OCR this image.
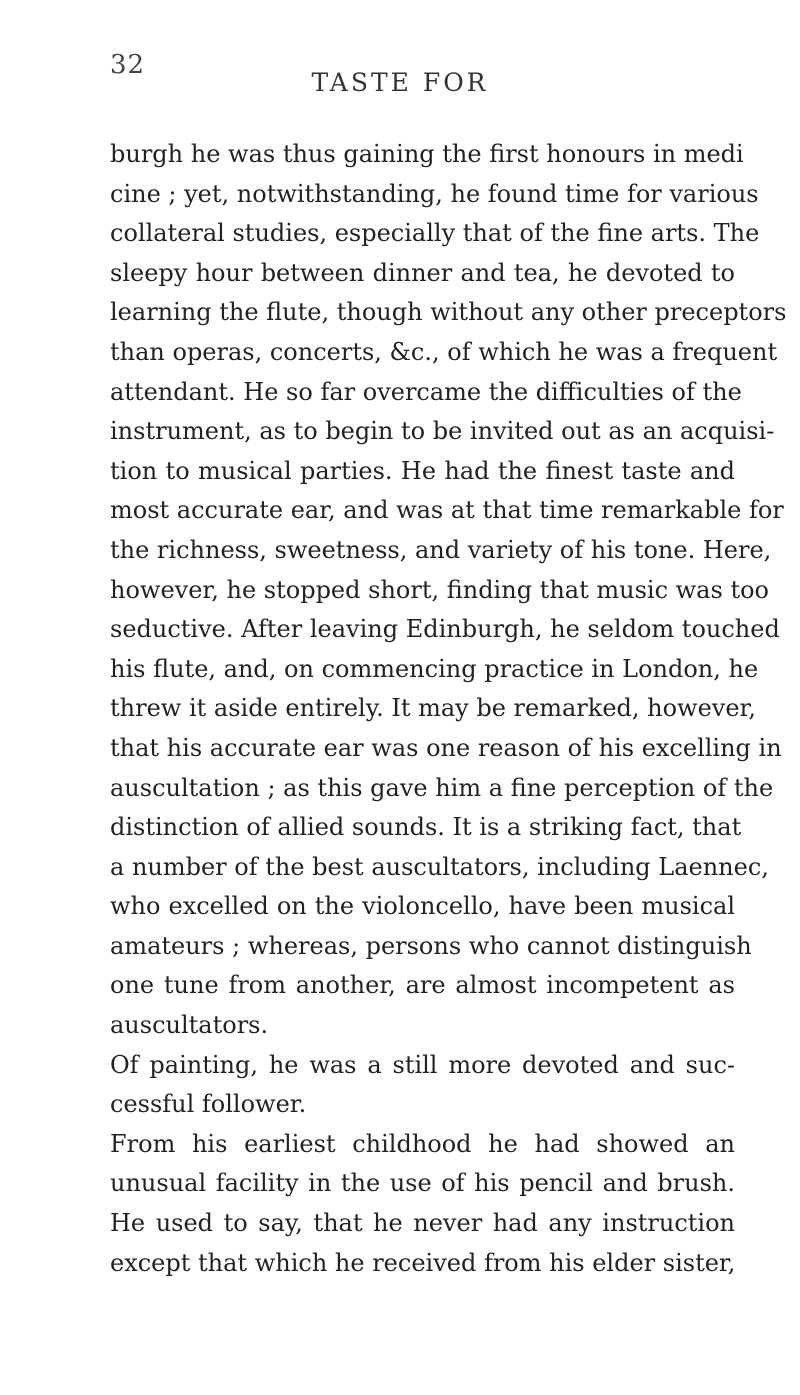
32
TASTE FOR
burgh he was thus gaining the first honours in medi
cine ; yet, notwithstanding, he found time for various
collateral studies, especially that of the fine arts. The
sleepy hour between dinner and tea, he devoted to
learning the flute, though without any other preceptors
than operas, concerts, &c., of which he was a frequent
attendant. He so far overcame the difficulties of the
instrument, as to begin to be invited out as an acquisi-
tion to musical parties. He had the finest taste and
most accurate ear, and was at that time remarkable for
the richness, sweetness, and variety of his tone. Here,
however, he stopped short, finding that music was too
seductive. After leaving Edinburgh, he seldom touched
his flute, and, on commencing practice in London, he
threw it aside entirely. It may be remarked, however,
that his accurate ear was one reason of his excelling in
auscultation ; as this gave him a fine perception of the
distinction of allied sounds. It is a striking fact, that
a number of the best auscultators, including Laennec,
who excelled on the violoncello, have been musical
amateurs ; whereas, persons who cannot distinguish
one tune from another, are almost incompetent as
auscultators.
Of painting, he was a still more devoted and suc-
cessful follower.
From his earliest childhood he had showed an
unusual facility in the use of his pencil and brush.
He used to say, that he never had any instruction
except that which he received from his elder sister,
